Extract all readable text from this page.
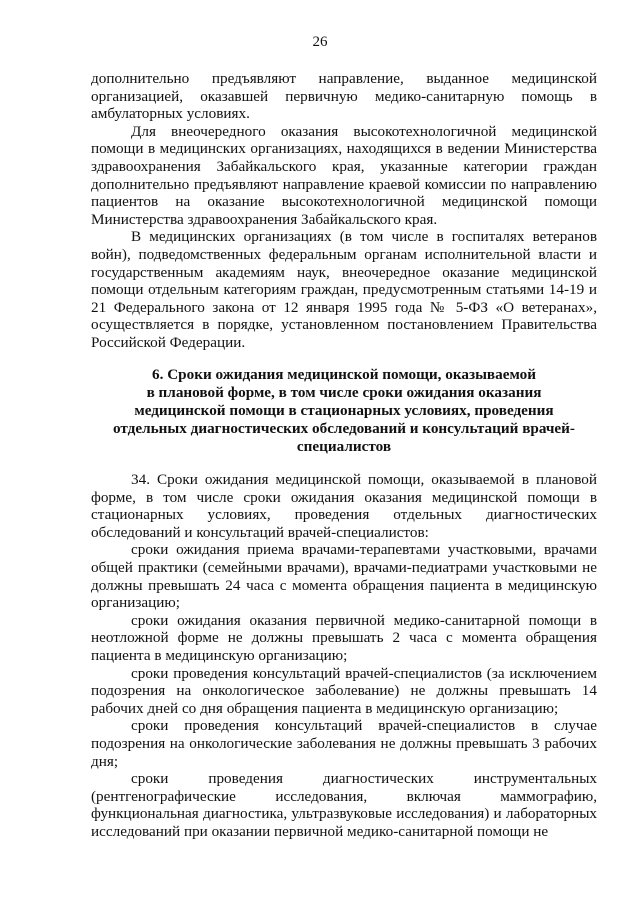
26

дополнительно предъявляют направление, выданное медицинской организацией, оказавшей первичную медико-санитарную помощь в амбулаторных условиях.

Для внеочередного оказания высокотехнологичной медицинской помощи в медицинских организациях, находящихся в ведении Министерства здравоохранения Забайкальского края, указанные категории граждан дополнительно предъявляют направление краевой комиссии по направлению пациентов на оказание высокотехнологичной медицинской помощи Министерства здравоохранения Забайкальского края.

В медицинских организациях (в том числе в госпиталях ветеранов войн), подведомственных федеральным органам исполнительной власти и государственным академиям наук, внеочередное оказание медицинской помощи отдельным категориям граждан, предусмотренным статьями 14-19 и 21 Федерального закона от 12 января 1995 года № 5-ФЗ «О ветеранах», осуществляется в порядке, установленном постановлением Правительства Российской Федерации.

6. Сроки ожидания медицинской помощи, оказываемой
в плановой форме, в том числе сроки ожидания оказания
медицинской помощи в стационарных условиях, проведения
отдельных диагностических обследований и консультаций врачей-
специалистов

34. Сроки ожидания медицинской помощи, оказываемой в плановой форме, в том числе сроки ожидания оказания медицинской помощи в стационарных условиях, проведения отдельных диагностических обследований и консультаций врачей-специалистов:

сроки ожидания приема врачами-терапевтами участковыми, врачами общей практики (семейными врачами), врачами-педиатрами участковыми не должны превышать 24 часа с момента обращения пациента в медицинскую организацию;

сроки ожидания оказания первичной медико-санитарной помощи в неотложной форме не должны превышать 2 часа с момента обращения пациента в медицинскую организацию;

сроки проведения консультаций врачей-специалистов (за исключением подозрения на онкологическое заболевание) не должны превышать 14 рабочих дней со дня обращения пациента в медицинскую организацию;

сроки проведения консультаций врачей-специалистов в случае подозрения на онкологические заболевания не должны превышать 3 рабочих дня;

сроки проведения диагностических инструментальных (рентгенографические исследования, включая маммографию, функциональная диагностика, ультразвуковые исследования) и лабораторных исследований при оказании первичной медико-санитарной помощи не
